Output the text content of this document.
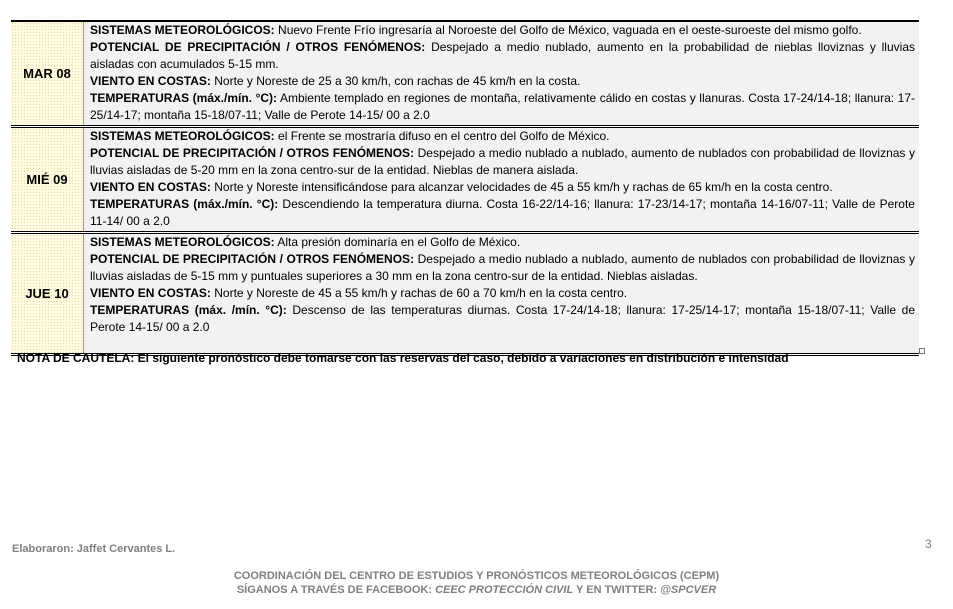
MAR 08

SISTEMAS METEOROLÓGICOS: Nuevo Frente Frío ingresaría al Noroeste del Golfo de México, vaguada en el oeste-suroeste del mismo golfo.

POTENCIAL DE PRECIPITACIÓN / OTROS FENÓMENOS: Despejado a medio nublado, aumento en la probabilidad de nieblas lloviznas y lluvias aisladas con acumulados 5-15 mm.

VIENTO EN COSTAS: Norte y Noreste de 25 a 30 km/h, con rachas de 45 km/h en la costa.

TEMPERATURAS (máx./mín. °C): Ambiente templado en regiones de montaña, relativamente cálido en costas y llanuras. Costa 17-24/14-18; llanura: 17-25/14-17; montaña 15-18/07-11; Valle de Perote 14-15/ 00 a 2.0

MIÉ 09

SISTEMAS METEOROLÓGICOS: el Frente se mostraría difuso en el centro del Golfo de México.

POTENCIAL DE PRECIPITACIÓN / OTROS FENÓMENOS: Despejado a medio nublado a nublado, aumento de nublados con probabilidad de lloviznas y lluvias aisladas de 5-20 mm en la zona centro-sur de la entidad. Nieblas de manera aislada.

VIENTO EN COSTAS: Norte y Noreste intensificándose para alcanzar velocidades de 45 a 55 km/h y rachas de 65 km/h en la costa centro.

TEMPERATURAS (máx./mín. °C): Descendiendo la temperatura diurna. Costa 16-22/14-16; llanura: 17-23/14-17; montaña 14-16/07-11; Valle de Perote 11-14/ 00 a 2.0

JUE 10

SISTEMAS METEOROLÓGICOS: Alta presión dominaría en el Golfo de México.

POTENCIAL DE PRECIPITACIÓN / OTROS FENÓMENOS: Despejado a medio nublado a nublado, aumento de nublados con probabilidad de lloviznas y lluvias aisladas de 5-15 mm y puntuales superiores a 30 mm en la zona centro-sur de la entidad. Nieblas aisladas.

VIENTO EN COSTAS: Norte y Noreste de 45 a 55 km/h y rachas de 60 a 70 km/h en la costa centro.

TEMPERATURAS (máx. /mín. °C): Descenso de las temperaturas diurnas. Costa 17-24/14-18; llanura: 17-25/14-17; montaña 15-18/07-11; Valle de Perote 14-15/ 00 a 2.0

NOTA DE CAUTELA: El siguiente pronóstico debe tomarse con las reservas del caso, debido a variaciones en distribución e intensidad
Elaboraron: Jaffet Cervantes L.	3
COORDINACIÓN DEL CENTRO DE ESTUDIOS Y PRONÓSTICOS METEOROLÓGICOS (CEPM)
SÍGANOS A TRAVÉS DE FACEBOOK: CEEC PROTECCIÓN CIVIL Y EN TWITTER: @SPCVER
